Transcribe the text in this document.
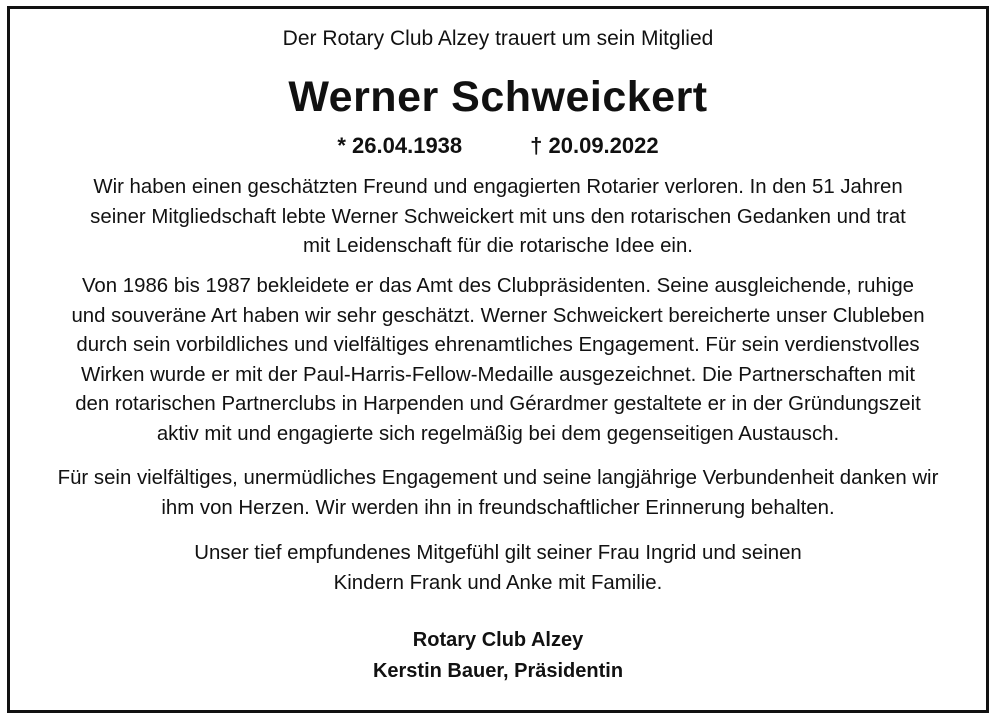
Der Rotary Club Alzey trauert um sein Mitglied
Werner Schweickert
* 26.04.1938	† 20.09.2022
Wir haben einen geschätzten Freund und engagierten Rotarier verloren. In den 51 Jahren
seiner Mitgliedschaft lebte Werner Schweickert mit uns den rotarischen Gedanken und trat
mit Leidenschaft für die rotarische Idee ein.
Von 1986 bis 1987 bekleidete er das Amt des Clubpräsidenten. Seine ausgleichende, ruhige
und souveräne Art haben wir sehr geschätzt. Werner Schweickert bereicherte unser Clubleben
durch sein vorbildliches und vielfältiges ehrenamtliches Engagement. Für sein verdienstvolles
Wirken wurde er mit der Paul-Harris-Fellow-Medaille ausgezeichnet. Die Partnerschaften mit
den rotarischen Partnerclubs in Harpenden und Gérardmer gestaltete er in der Gründungszeit
aktiv mit und engagierte sich regelmäßig bei dem gegenseitigen Austausch.
Für sein vielfältiges, unermüdliches Engagement und seine langjährige Verbundenheit danken wir
ihm von Herzen. Wir werden ihn in freundschaftlicher Erinnerung behalten.
Unser tief empfundenes Mitgefühl gilt seiner Frau Ingrid und seinen
Kindern Frank und Anke mit Familie.
Rotary Club Alzey
Kerstin Bauer, Präsidentin
